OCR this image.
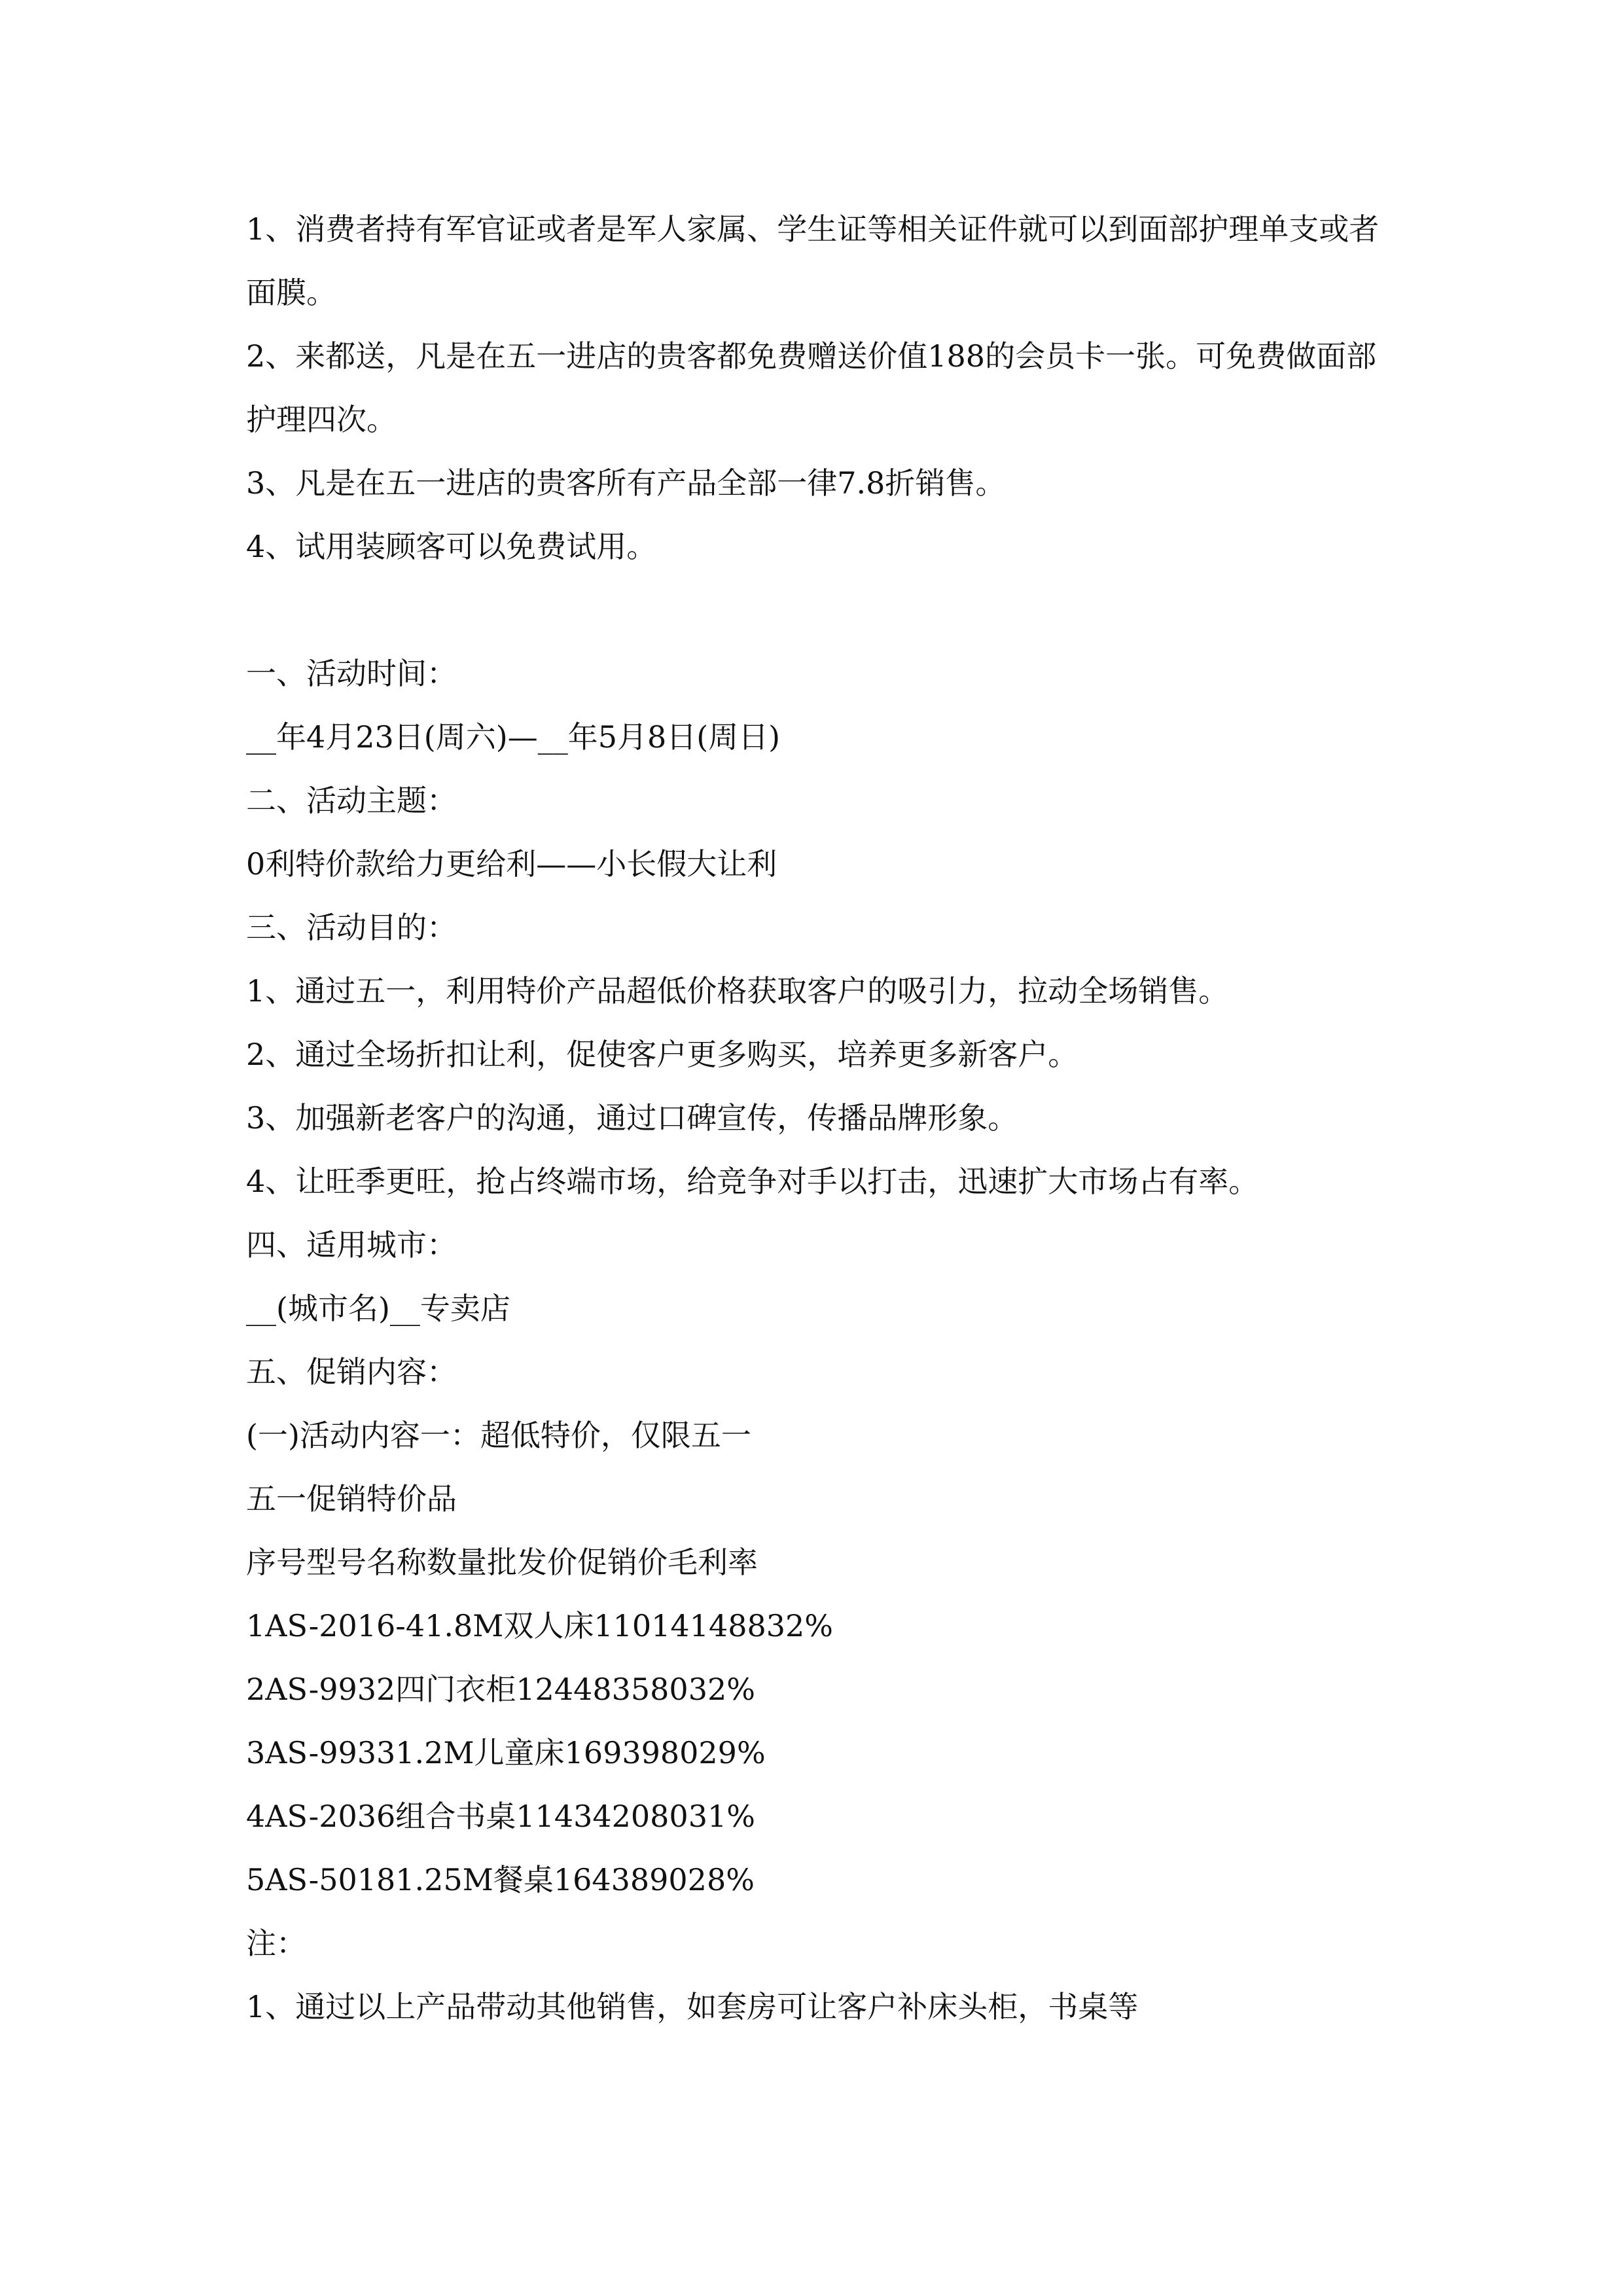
1、消费者持有军官证或者是军人家属、学生证等相关证件就可以到面部护理单支或者面膜。
2、来都送，凡是在五一进店的贵客都免费赠送价值188的会员卡一张。可免费做面部护理四次。
3、凡是在五一进店的贵客所有产品全部一律7.8折销售。
4、试用装顾客可以免费试用。
一、活动时间：
__年4月23日(周六)—__年5月8日(周日)
二、活动主题：
0利特价款给力更给利——小长假大让利
三、活动目的：
1、通过五一，利用特价产品超低价格获取客户的吸引力，拉动全场销售。
2、通过全场折扣让利，促使客户更多购买，培养更多新客户。
3、加强新老客户的沟通，通过口碑宣传，传播品牌形象。
4、让旺季更旺，抢占终端市场，给竞争对手以打击，迅速扩大市场占有率。
四、适用城市：
__(城市名)__专卖店
五、促销内容：
(一)活动内容一：超低特价，仅限五一
五一促销特价品
序号型号名称数量批发价促销价毛利率
1AS-2016-41.8M双人床11014148832%
2AS-9932四门衣柜12448358032%
3AS-99331.2M儿童床169398029%
4AS-2036组合书桌11434208031%
5AS-50181.25M餐桌164389028%
注：
1、通过以上产品带动其他销售，如套房可让客户补床头柜，书桌等
